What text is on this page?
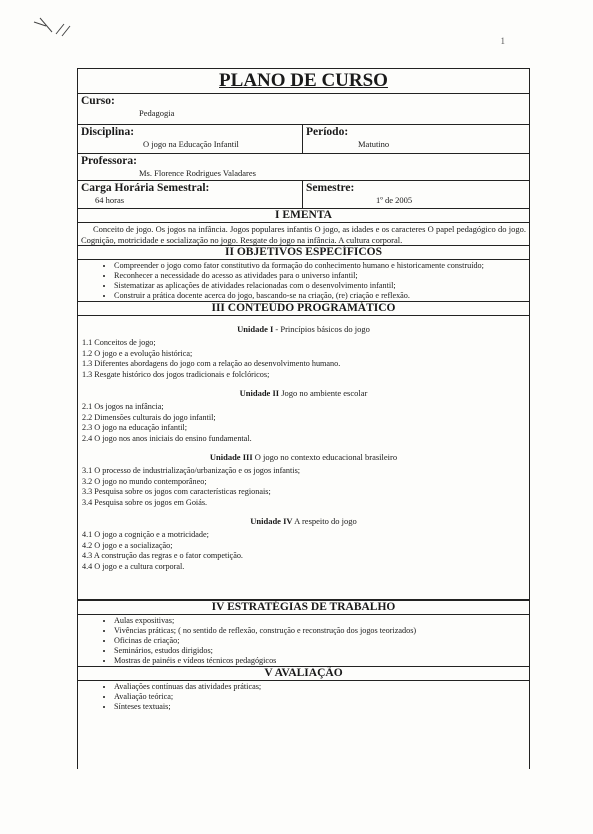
1
PLANO DE CURSO
Curso:
Pedagogia
Disciplina:
O jogo na Educação Infantil
Período:
Matutino
Professora:
Ms. Florence Rodrigues Valadares
Carga Horária Semestral:
64 horas
Semestre:
1º de 2005
I EMENTA
Conceito de jogo. Os jogos na infância. Jogos populares infantis O jogo, as idades e os caracteres O papel pedagógico do jogo. Cognição, motricidade e socialização no jogo. Resgate do jogo na infância. A cultura corporal.
II OBJETIVOS ESPECÍFICOS
• Compreender o jogo como fator constitutivo da formação do conhecimento humano e historicamente construído;
• Reconhecer a necessidade do acesso as atividades para o universo infantil;
• Sistematizar as aplicações de atividades relacionadas com o desenvolvimento infantil;
• Construir a prática docente acerca do jogo, bascando-se na criação, (re) criação e reflexão.
III CONTEÚDO PROGRAMÁTICO
Unidade I - Princípios básicos do jogo
1.1 Conceitos de jogo;
1.2 O jogo e a evolução histórica;
1.3 Diferentes abordagens do jogo com a relação ao desenvolvimento humano.
1.3 Resgate histórico dos jogos tradicionais e folclóricos;
Unidade II Jogo no ambiente escolar
2.1 Os jogos na infância;
2.2 Dimensões culturais do jogo infantil;
2.3 O jogo na educação infantil;
2.4 O jogo nos anos iniciais do ensino fundamental.
Unidade III O jogo no contexto educacional brasileiro
3.1 O processo de industrialização/urbanização e os jogos infantis;
3.2 O jogo no mundo contemporâneo;
3.3 Pesquisa sobre os jogos com características regionais;
3.4 Pesquisa sobre os jogos em Goiás.
Unidade IV A respeito do jogo
4.1 O jogo a cognição e a motricidade;
4.2 O jogo e a socialização;
4.3 A construção das regras e o fator competição.
4.4 O jogo e a cultura corporal.
IV ESTRATÉGIAS DE TRABALHO
• Aulas expositivas;
• Vivências práticas; ( no sentido de reflexão, construção e reconstrução dos jogos teorizados)
• Oficinas de criação;
• Seminários, estudos dirigidos;
• Mostras de painéis e vídeos técnicos pedagógicos
V AVALIAÇÃO
• Avaliações contínuas das atividades práticas;
• Avaliação teórica;
• Sínteses textuais;
